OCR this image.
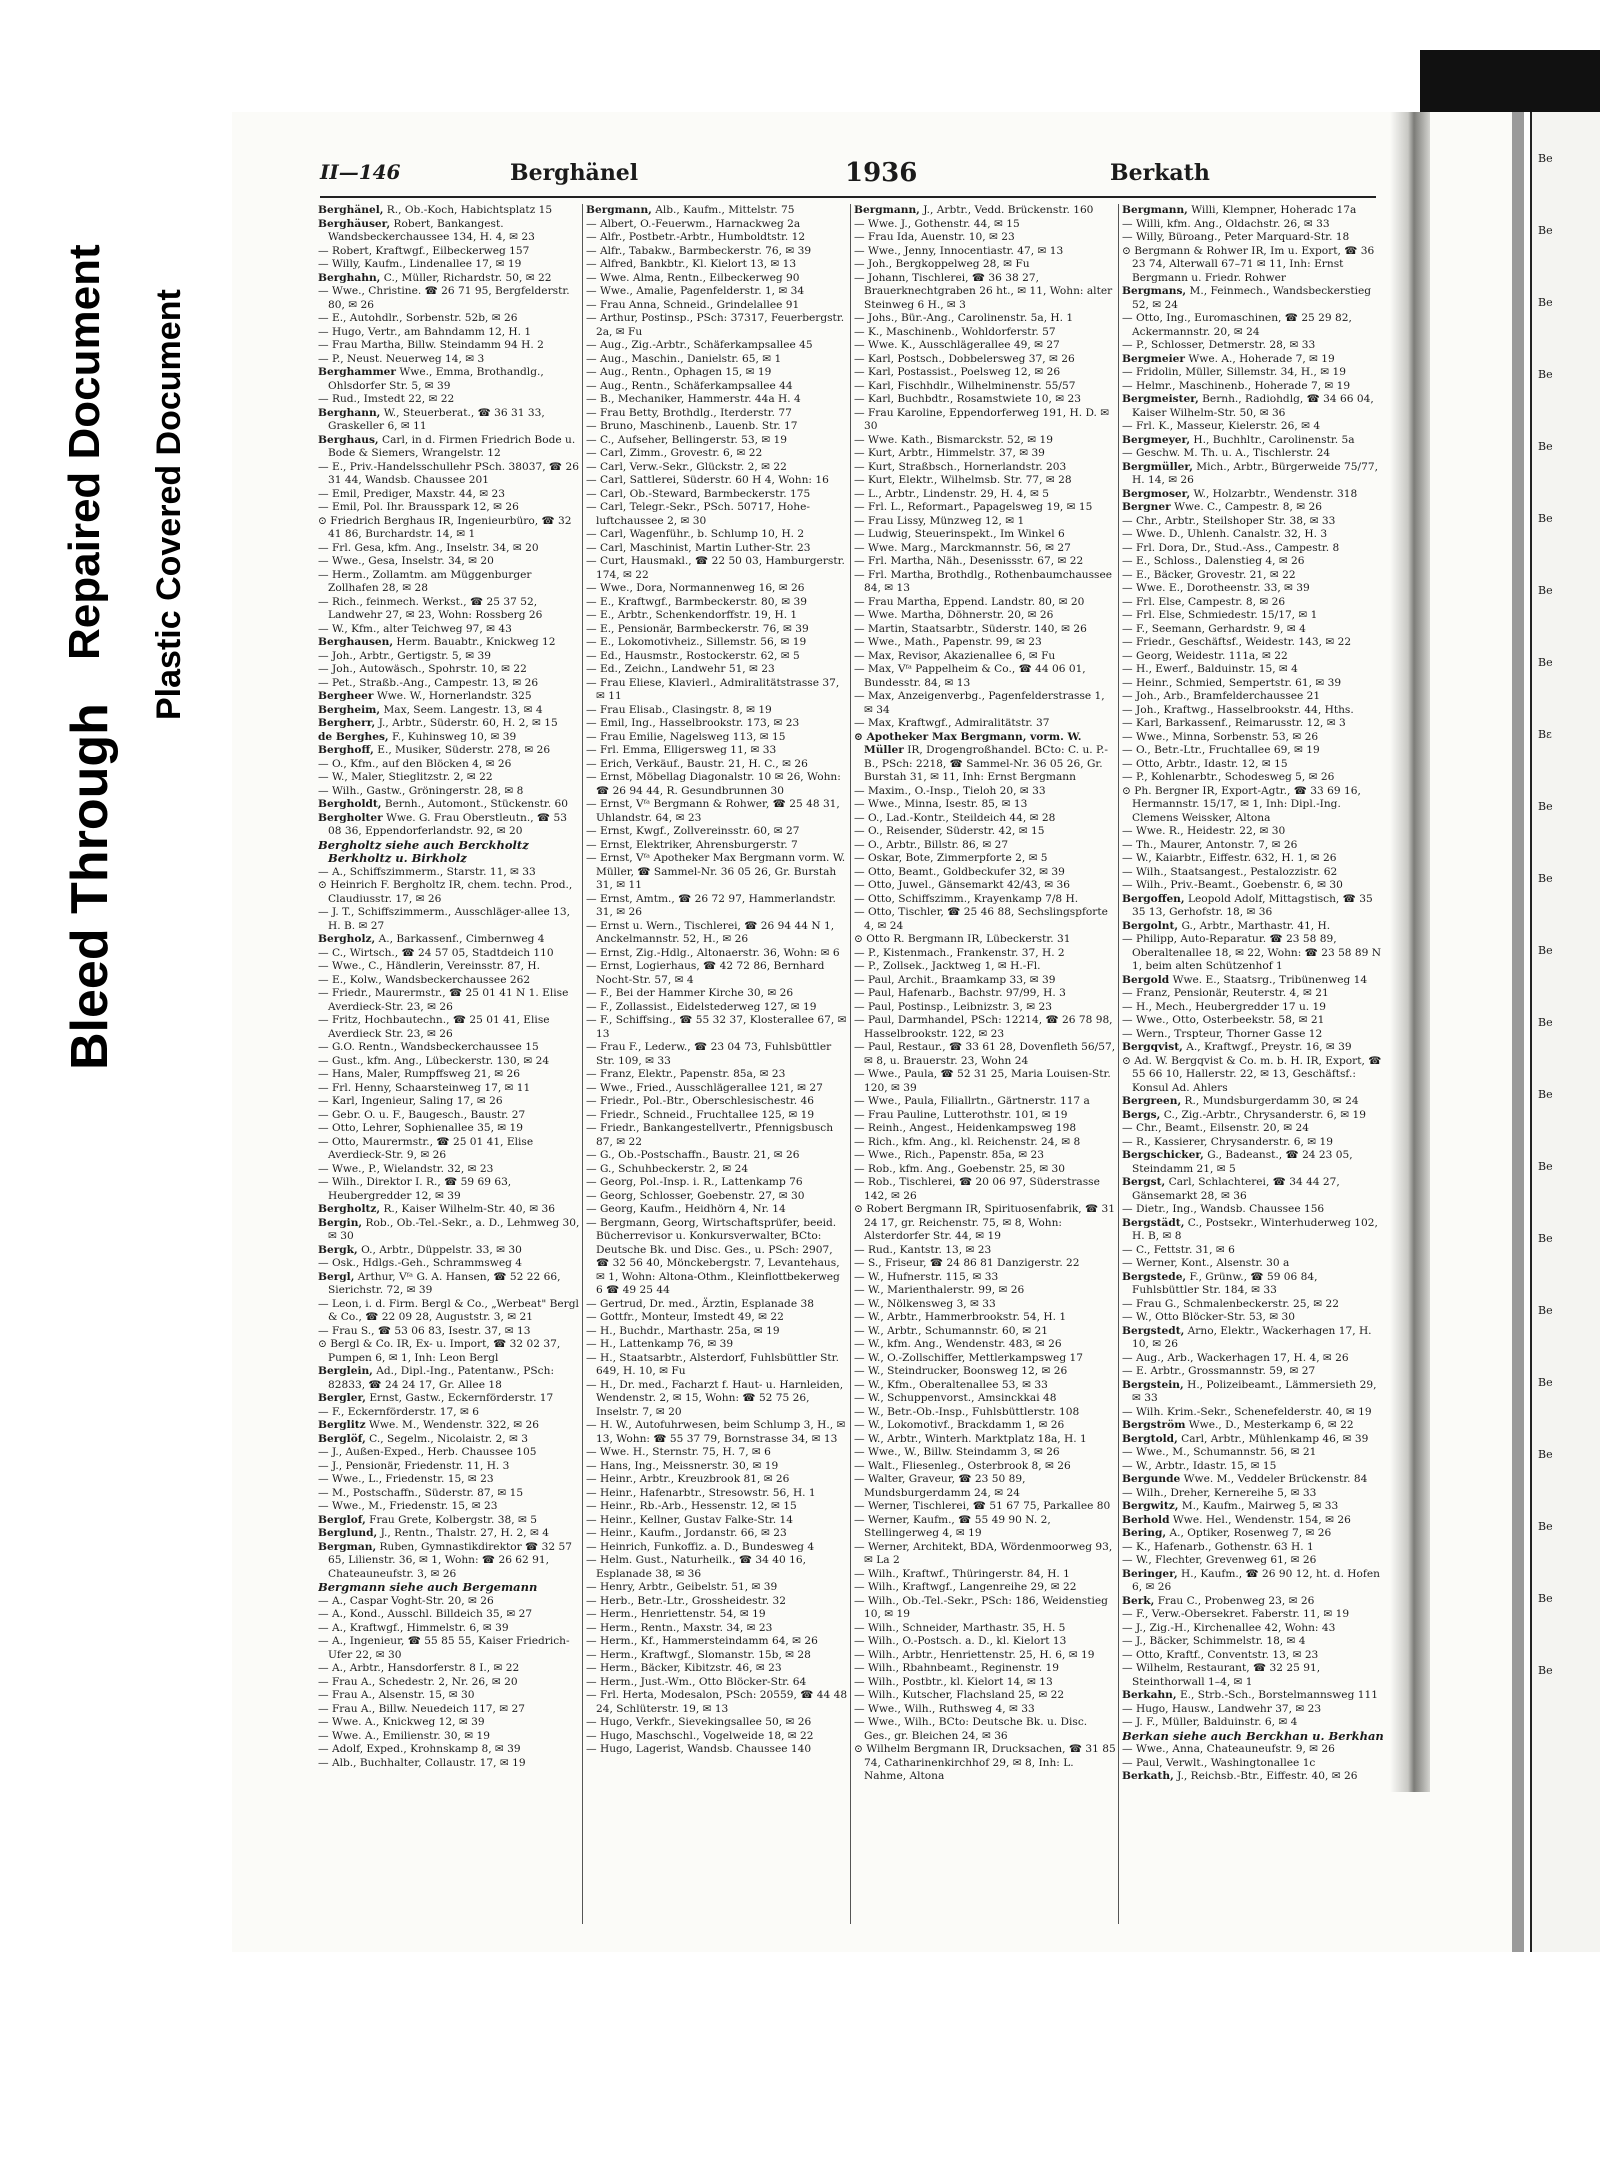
Bleed Through
Repaired Document Plastic Covered Document
Be
Be
Be
Be
Be
Be
Be
Be
Bε
Be
Be
Be
Be
Be
Be
Be
Be
Be
Be
Be
Be
Be
II—146	Berghänel	1936	Berkath

Berghänel, R., Ob.-Koch, Habichtsplatz 15

Berghäuser, Robert, Bankangest. Wandsbeckerchaussee 134, H. 4, ✉ 23

— Robert, Kraftwgf., Eilbeckerweg 157

— Willy, Kaufm., Lindenallee 17, ✉ 19

Berghahn, C., Müller, Richardstr. 50, ✉ 22

— Wwe., Christine. ☎ 26 71 95, Bergfelderstr. 80, ✉ 26

— E., Autohdlr., Sorbenstr. 52b, ✉ 26

— Hugo, Vertr., am Bahndamm 12, H. 1

— Frau Martha, Billw. Steindamm 94 H. 2

— P., Neust. Neuerweg 14, ✉ 3

Berghammer Wwe., Emma, Brothandlg., Ohlsdorfer Str. 5, ✉ 39

— Rud., Imstedt 22, ✉ 22

Berghann, W., Steuerberat., ☎ 36 31 33, Graskeller 6, ✉ 11

Berghaus, Carl, in d. Firmen Friedrich Bode u. Bode & Siemers, Wrangelstr. 12

— E., Priv.-Handelsschullehr PSch. 38037, ☎ 26 31 44, Wandsb. Chaussee 201

— Emil, Prediger, Maxstr. 44, ✉ 23

— Emil, Pol. Ihr. Brausspark 12, ✉ 26

⊙ Friedrich Berghaus IR, Ingenieurbüro, ☎ 32 41 86, Burchardstr. 14, ✉ 1

— Frl. Gesa, kfm. Ang., Inselstr. 34, ✉ 20

— Wwe., Gesa, Inselstr. 34, ✉ 20

— Herm., Zollamtm. am Müggenburger Zollhafen 28, ✉ 28

— Rich., feinmech. Werkst., ☎ 25 37 52, Landwehr 27, ✉ 23, Wohn: Rossberg 26

— W., Kfm., alter Teichweg 97, ✉ 43

Berghausen, Herm. Bauabtr., Knickweg 12

— Joh., Arbtr., Gertigstr. 5, ✉ 39

— Joh., Autowäsch., Spohrstr. 10, ✉ 22

— Pet., Straßb.-Ang., Campestr. 13, ✉ 26

Bergheer Wwe. W., Hornerlandstr. 325

Bergheim, Max, Seem. Langestr. 13, ✉ 4

Bergherr, J., Arbtr., Süderstr. 60, H. 2, ✉ 15

de Berghes, F., Kuhinsweg 10, ✉ 39

Berghoff, E., Musiker, Süderstr. 278, ✉ 26

— O., Kfm., auf den Blöcken 4, ✉ 26

— W., Maler, Stieglitzstr. 2, ✉ 22

— Wilh., Gastw., Gröningerstr. 28, ✉ 8

Bergholdt, Bernh., Automont., Stückenstr. 60

Bergholter Wwe. G. Frau Oberstleutn., ☎ 53 08 36, Eppendorferlandstr. 92, ✉ 20

Bergholtz siehe auch Berckholtz Berkholtz u. Birkholz

— A., Schiffszimmerm., Starstr. 11, ✉ 33

⊙ Heinrich F. Bergholtz IR, chem. techn. Prod., Claudiusstr. 17, ✉ 26

— J. T., Schiffszimmerm., Ausschläger-allee 13, H. B. ✉ 27

Bergholz, A., Barkassenf., Cimbernweg 4

— C., Wirtsch., ☎ 24 57 05, Stadtdeich 110

— Wwe., C., Händlerin, Vereinsstr. 87, H.

— E., Kolw., Wandsbeckerchaussee 262

— Friedr., Maurermstr., ☎ 25 01 41 N 1. Elise Averdieck-Str. 23, ✉ 26

— Fritz, Hochbautechn., ☎ 25 01 41, Elise Averdieck Str. 23, ✉ 26

— G.O. Rentn., Wandsbeckerchaussee 15

— Gust., kfm. Ang., Lübeckerstr. 130, ✉ 24

— Hans, Maler, Rumpffsweg 21, ✉ 26

— Frl. Henny, Schaarsteinweg 17, ✉ 11

— Karl, Ingenieur, Saling 17, ✉ 26

— Gebr. O. u. F., Baugesch., Baustr. 27

— Otto, Lehrer, Sophienallee 35, ✉ 19

— Otto, Maurermstr., ☎ 25 01 41, Elise Averdieck-Str. 9, ✉ 26

— Wwe., P., Wielandstr. 32, ✉ 23

— Wilh., Direktor I. R., ☎ 59 69 63, Heubergredder 12, ✉ 39

Bergholtz, R., Kaiser Wilhelm-Str. 40, ✉ 36

Bergin, Rob., Ob.-Tel.-Sekr., a. D., Lehmweg 30, ✉ 30

Bergk, O., Arbtr., Düppelstr. 33, ✉ 30

— Osk., Hdlgs.-Geh., Schrammsweg 4

Bergl, Arthur, Vᶠᵃ G. A. Hansen, ☎ 52 22 66, Sierichstr. 72, ✉ 39

— Leon, i. d. Firm. Bergl & Co., „Werbeat" Bergl & Co., ☎ 22 09 28, Auguststr. 3, ✉ 21

— Frau S., ☎ 53 06 83, Isestr. 37, ✉ 13

⊙ Bergl & Co. IR, Ex- u. Import, ☎ 32 02 37, Pumpen 6, ✉ 1, Inh: Leon Bergl

Berglein, Ad., Dipl.-Ing., Patentanw., PSch: 82833, ☎ 24 24 17, Gr. Allee 18

Bergler, Ernst, Gastw., Eckernförderstr. 17

— F., Eckernförderstr. 17, ✉ 6

Berglitz Wwe. M., Wendenstr. 322, ✉ 26

Berglöf, C., Segelm., Nicolaistr. 2, ✉ 3

— J., Außen-Exped., Herb. Chaussee 105

— J., Pensionär, Friedenstr. 11, H. 3

— Wwe., L., Friedenstr. 15, ✉ 23

— M., Postschaffn., Süderstr. 87, ✉ 15

— Wwe., M., Friedenstr. 15, ✉ 23

Berglof, Frau Grete, Kolbergstr. 38, ✉ 5

Berglund, J., Rentn., Thalstr. 27, H. 2, ✉ 4

Bergman, Ruben, Gymnastikdirektor ☎ 32 57 65, Lilienstr. 36, ✉ 1, Wohn: ☎ 26 62 91, Chateauneufstr. 3, ✉ 26

Bergmann siehe auch Bergemann

— A., Caspar Voght-Str. 20, ✉ 26

— A., Kond., Ausschl. Billdeich 35, ✉ 27

— A., Kraftwgf., Himmelstr. 6, ✉ 39

— A., Ingenieur, ☎ 55 85 55, Kaiser Friedrich-Ufer 22, ✉ 30

— A., Arbtr., Hansdorferstr. 8 I., ✉ 22

— Frau A., Schedestr. 2, Nr. 26, ✉ 20

— Frau A., Alsenstr. 15, ✉ 30

— Frau A., Billw. Neuedeich 117, ✉ 27

— Wwe. A., Knickweg 12, ✉ 39

— Wwe. A., Emilienstr. 30, ✉ 19

— Adolf, Exped., Krohnskamp 8, ✉ 39

— Alb., Buchhalter, Collaustr. 17, ✉ 19

Bergmann, Alb., Kaufm., Mittelstr. 75

— Albert, O.-Feuerwm., Harnackweg 2a

— Alfr., Postbetr.-Arbtr., Humboldtstr. 12

— Alfr., Tabakw., Barmbeckerstr. 76, ✉ 39

— Alfred, Bankbtr., Kl. Kielort 13, ✉ 13

— Wwe. Alma, Rentn., Eilbeckerweg 90

— Wwe., Amalie, Pagenfelderstr. 1, ✉ 34

— Frau Anna, Schneid., Grindelallee 91

— Arthur, Postinsp., PSch: 37317, Feuerbergstr. 2a, ✉ Fu

— Aug., Zig.-Arbtr., Schäferkampsallee 45

— Aug., Maschin., Danielstr. 65, ✉ 1

— Aug., Rentn., Ophagen 15, ✉ 19

— Aug., Rentn., Schäferkampsallee 44

— B., Mechaniker, Hammerstr. 44a H. 4

— Frau Betty, Brothdlg., Iterderstr. 77

— Bruno, Maschinenb., Lauenb. Str. 17

— C., Aufseher, Bellingerstr. 53, ✉ 19

— Carl, Zimm., Grovestr. 6, ✉ 22

— Carl, Verw.-Sekr., Glückstr. 2, ✉ 22

— Carl, Sattlerei, Süderstr. 60 H 4, Wohn: 16

— Carl, Ob.-Steward, Barmbeckerstr. 175

— Carl, Telegr.-Sekr., PSch. 50717, Hohe-luftchaussee 2, ✉ 30

— Carl, Wagenführ., b. Schlump 10, H. 2

— Carl, Maschinist, Martin Luther-Str. 23

— Curt, Hausmakl., ☎ 22 50 03, Hamburgerstr. 174, ✉ 22

— Wwe., Dora, Normannenweg 16, ✉ 26

— E., Kraftwgf., Barmbeckerstr. 80, ✉ 39

— E., Arbtr., Schenkendorffstr. 19, H. 1

— E., Pensionär, Barmbeckerstr. 76, ✉ 39

— E., Lokomotivheiz., Sillemstr. 56, ✉ 19

— Ed., Hausmstr., Rostockerstr. 62, ✉ 5

— Ed., Zeichn., Landwehr 51, ✉ 23

— Frau Eliese, Klavierl., Admiralitätstrasse 37, ✉ 11

— Frau Elisab., Clasingstr. 8, ✉ 19

— Emil, Ing., Hasselbrookstr. 173, ✉ 23

— Frau Emilie, Nagelsweg 113, ✉ 15

— Frl. Emma, Elligersweg 11, ✉ 33

— Erich, Verkäuf., Baustr. 21, H. C., ✉ 26

— Ernst, Möbellag Diagonalstr. 10 ✉ 26, Wohn: ☎ 26 94 44, R. Gesundbrunnen 30

— Ernst, Vᶠᵃ Bergmann & Rohwer, ☎ 25 48 31, Uhlandstr. 64, ✉ 23

— Ernst, Kwgf., Zollvereinsstr. 60, ✉ 27

— Ernst, Elektriker, Ahrensburgerstr. 7

— Ernst, Vᶠᵃ Apotheker Max Bergmann vorm. W. Müller, ☎ Sammel-Nr. 36 05 26, Gr. Burstah 31, ✉ 11

— Ernst, Amtm., ☎ 26 72 97, Hammerlandstr. 31, ✉ 26

— Ernst u. Wern., Tischlerei, ☎ 26 94 44 N 1, Anckelmannstr. 52, H., ✉ 26

— Ernst, Zig.-Hdlg., Altonaerstr. 36, Wohn: ✉ 6

— Ernst, Logierhaus, ☎ 42 72 86, Bernhard Nocht-Str. 57, ✉ 4

— F., Bei der Hammer Kirche 30, ✉ 26

— F., Zollassist., Eidelstederweg 127, ✉ 19

— F., Schiffsing., ☎ 55 32 37, Klosterallee 67, ✉ 13

— Frau F., Lederw., ☎ 23 04 73, Fuhlsbüttler Str. 109, ✉ 33

— Franz, Elektr., Papenstr. 85a, ✉ 23

— Wwe., Fried., Ausschlägerallee 121, ✉ 27

— Friedr., Pol.-Btr., Oberschlesischestr. 46

— Friedr., Schneid., Fruchtallee 125, ✉ 19

— Friedr., Bankangestellvertr., Pfennigsbusch 87, ✉ 22

— G., Ob.-Postschaffn., Baustr. 21, ✉ 26

— G., Schuhbeckerstr. 2, ✉ 24

— Georg, Pol.-Insp. i. R., Lattenkamp 76

— Georg, Schlosser, Goebenstr. 27, ✉ 30

— Georg, Kaufm., Heidhörn 4, Nr. 14

— Bergmann, Georg, Wirtschaftsprüfer, beeid. Bücherrevisor u. Konkursverwalter, BCto: Deutsche Bk. und Disc. Ges., u. PSch: 2907, ☎ 32 56 40, Mönckebergstr. 7, Levantehaus, ✉ 1, Wohn: Altona-Othm., Kleinflottbekerweg 6 ☎ 49 25 44

— Gertrud, Dr. med., Ärztin, Esplanade 38

— Gottfr., Monteur, Imstedt 49, ✉ 22

— H., Buchdr., Marthastr. 25a, ✉ 19

— H., Lattenkamp 76, ✉ 39

— H., Staatsarbtr., Alsterdorf, Fuhlsbüttler Str. 649, H. 10, ✉ Fu

— H., Dr. med., Facharzt f. Haut- u. Harnleiden, Wendenstr. 2, ✉ 15, Wohn: ☎ 52 75 26, Inselstr. 7, ✉ 20

— H. W., Autofuhrwesen, beim Schlump 3, H., ✉ 13, Wohn: ☎ 55 37 79, Bornstrasse 34, ✉ 13

— Wwe. H., Sternstr. 75, H. 7, ✉ 6

— Hans, Ing., Meissnerstr. 30, ✉ 19

— Heinr., Arbtr., Kreuzbrook 81, ✉ 26

— Heinr., Hafenarbtr., Stresowstr. 56, H. 1

— Heinr., Rb.-Arb., Hessenstr. 12, ✉ 15

— Heinr., Kellner, Gustav Falke-Str. 14

— Heinr., Kaufm., Jordanstr. 66, ✉ 23

— Heinrich, Funkoffiz. a. D., Bundesweg 4

— Helm. Gust., Naturheilk., ☎ 34 40 16, Esplanade 38, ✉ 36

— Henry, Arbtr., Geibelstr. 51, ✉ 39

— Herb., Betr.-Ltr., Grossheidestr. 32

— Herm., Henriettenstr. 54, ✉ 19

— Herm., Rentn., Maxstr. 34, ✉ 23

— Herm., Kf., Hammersteindamm 64, ✉ 26

— Herm., Kraftwgf., Slomanstr. 15b, ✉ 28

— Herm., Bäcker, Kibitzstr. 46, ✉ 23

— Herm., Just.-Wm., Otto Blöcker-Str. 64

— Frl. Herta, Modesalon, PSch: 20559, ☎ 44 48 24, Schlüterstr. 19, ✉ 13

— Hugo, Verkfr., Sievekingsallee 50, ✉ 26

— Hugo, Maschschl., Vogelweide 18, ✉ 22

— Hugo, Lagerist, Wandsb. Chaussee 140

Bergmann, J., Arbtr., Vedd. Brückenstr. 160

— Wwe. J., Gothenstr. 44, ✉ 15

— Frau Ida, Auenstr. 10, ✉ 23

— Wwe., Jenny, Innocentiastr. 47, ✉ 13

— Joh., Bergkoppelweg 28, ✉ Fu

— Johann, Tischlerei, ☎ 36 38 27, Brauerknechtgraben 26 ht., ✉ 11, Wohn: alter Steinweg 6 H., ✉ 3

— Johs., Bür.-Ang., Carolinenstr. 5a, H. 1

— K., Maschinenb., Wohldorferstr. 57

— Wwe. K., Ausschlägerallee 49, ✉ 27

— Karl, Postsch., Dobbelersweg 37, ✉ 26

— Karl, Postassist., Poelsweg 12, ✉ 26

— Karl, Fischhdlr., Wilhelminenstr. 55/57

— Karl, Buchbdtr., Rosamstwiete 10, ✉ 23

— Frau Karoline, Eppendorferweg 191, H. D. ✉ 30

— Wwe. Kath., Bismarckstr. 52, ✉ 19

— Kurt, Arbtr., Himmelstr. 37, ✉ 39

— Kurt, Straßbsch., Hornerlandstr. 203

— Kurt, Elektr., Wilhelmsb. Str. 77, ✉ 28

— L., Arbtr., Lindenstr. 29, H. 4, ✉ 5

— Frl. L., Reformart., Papagelsweg 19, ✉ 15

— Frau Lissy, Münzweg 12, ✉ 1

— Ludwig, Steuerinspekt., Im Winkel 6

— Wwe. Marg., Marckmannstr. 56, ✉ 27

— Frl. Martha, Näh., Desenissstr. 67, ✉ 22

— Frl. Martha, Brothdlg., Rothenbaumchaussee 84, ✉ 13

— Frau Martha, Eppend. Landstr. 80, ✉ 20

— Wwe. Martha, Döhnerstr. 20, ✉ 26

— Martin, Staatsarbtr., Süderstr. 140, ✉ 26

— Wwe., Math., Papenstr. 99, ✉ 23

— Max, Revisor, Akazienallee 6, ✉ Fu

— Max, Vᶠᵃ Pappelheim & Co., ☎ 44 06 01, Bundesstr. 84, ✉ 13

— Max, Anzeigenverbg., Pagenfelderstrasse 1, ✉ 34

— Max, Kraftwgf., Admiralitätstr. 37

⊙ Apotheker Max Bergmann, vorm. W. Müller IR, Drogengroßhandel. BCto: C. u. P.-B., PSch: 2218, ☎ Sammel-Nr. 36 05 26, Gr. Burstah 31, ✉ 11, Inh: Ernst Bergmann

— Maxim., O.-Insp., Tieloh 20, ✉ 33

— Wwe., Minna, Isestr. 85, ✉ 13

— O., Lad.-Kontr., Steildeich 44, ✉ 28

— O., Reisender, Süderstr. 42, ✉ 15

— O., Arbtr., Billstr. 86, ✉ 27

— Oskar, Bote, Zimmerpforte 2, ✉ 5

— Otto, Beamt., Goldbeckufer 32, ✉ 39

— Otto, Juwel., Gänsemarkt 42/43, ✉ 36

— Otto, Schiffszimm., Krayenkamp 7/8 H.

— Otto, Tischler, ☎ 25 46 88, Sechslingspforte 4, ✉ 24

⊙ Otto R. Bergmann IR, Lübeckerstr. 31

— P., Kistenmach., Frankenstr. 37, H. 2

— P., Zollsek., Jacktweg 1, ✉ H.-Fl.

— Paul, Archit., Braamkamp 33, ✉ 39

— Paul, Hafenarb., Bachstr. 97/99, H. 3

— Paul, Postinsp., Leibnizstr. 3, ✉ 23

— Paul, Darmhandel, PSch: 12214, ☎ 26 78 98, Hasselbrookstr. 122, ✉ 23

— Paul, Restaur., ☎ 33 61 28, Dovenfleth 56/57, ✉ 8, u. Brauerstr. 23, Wohn 24

— Wwe., Paula, ☎ 52 31 25, Maria Louisen-Str. 120, ✉ 39

— Wwe., Paula, Filiallrtn., Gärtnerstr. 117 a

— Frau Pauline, Lutterothstr. 101, ✉ 19

— Reinh., Angest., Heidenkampsweg 198

— Rich., kfm. Ang., kl. Reichenstr. 24, ✉ 8

— Wwe., Rich., Papenstr. 85a, ✉ 23

— Rob., kfm. Ang., Goebenstr. 25, ✉ 30

— Rob., Tischlerei, ☎ 20 06 97, Süderstrasse 142, ✉ 26

⊙ Robert Bergmann IR, Spirituosenfabrik, ☎ 31 24 17, gr. Reichenstr. 75, ✉ 8, Wohn: Alsterdorfer Str. 44, ✉ 19

— Rud., Kantstr. 13, ✉ 23

— S., Friseur, ☎ 24 86 81 Danzigerstr. 22

— W., Hufnerstr. 115, ✉ 33

— W., Marienthalerstr. 99, ✉ 26

— W., Nölkensweg 3, ✉ 33

— W., Arbtr., Hammerbrookstr. 54, H. 1

— W., Arbtr., Schumannstr. 60, ✉ 21

— W., kfm. Ang., Wendenstr. 483, ✉ 26

— W., O.-Zollschiffer, Mettlerkampsweg 17

— W., Steindrucker, Boonsweg 12, ✉ 26

— W., Kfm., Oberaltenallee 53, ✉ 33

— W., Schuppenvorst., Amsinckkai 48

— W., Betr.-Ob.-Insp., Fuhlsbüttlerstr. 108

— W., Lokomotivf., Brackdamm 1, ✉ 26

— W., Arbtr., Winterh. Marktplatz 18a, H. 1

— Wwe., W., Billw. Steindamm 3, ✉ 26

— Walt., Fliesenleg., Osterbrook 8, ✉ 26

— Walter, Graveur, ☎ 23 50 89, Mundsburgerdamm 24, ✉ 24

— Werner, Tischlerei, ☎ 51 67 75, Parkallee 80

— Werner, Kaufm., ☎ 55 49 90 N. 2, Stellingerweg 4, ✉ 19

— Werner, Architekt, BDA, Wördenmoorweg 93, ✉ La 2

— Wilh., Kraftwf., Thüringerstr. 84, H. 1

— Wilh., Kraftwgf., Langenreihe 29, ✉ 22

— Wilh., Ob.-Tel.-Sekr., PSch: 186, Weidenstieg 10, ✉ 19

— Wilh., Schneider, Marthastr. 35, H. 5

— Wilh., O.-Postsch. a. D., kl. Kielort 13

— Wilh., Arbtr., Henriettenstr. 25, H. 6, ✉ 19

— Wilh., Rbahnbeamt., Reginenstr. 19

— Wilh., Postbtr., kl. Kielort 14, ✉ 13

— Wilh., Kutscher, Flachsland 25, ✉ 22

— Wwe., Wilh., Ruthsweg 4, ✉ 33

— Wwe., Wilh., BCto: Deutsche Bk. u. Disc. Ges., gr. Bleichen 24, ✉ 36

⊙ Wilhelm Bergmann IR, Drucksachen, ☎ 31 85 74, Catharinenkirchhof 29, ✉ 8, Inh: L. Nahme, Altona

Bergmann, Willi, Klempner, Hoheradc 17a

— Willi, kfm. Ang., Oldachstr. 26, ✉ 33

— Willy, Büroang., Peter Marquard-Str. 18

⊙ Bergmann & Rohwer IR, Im u. Export, ☎ 36 23 74, Alterwall 67–71 ✉ 11, Inh: Ernst Bergmann u. Friedr. Rohwer

Bergmans, M., Feinmech., Wandsbeckerstieg 52, ✉ 24

— Otto, Ing., Euromaschinen, ☎ 25 29 82, Ackermannstr. 20, ✉ 24

— P., Schlosser, Detmerstr. 28, ✉ 33

Bergmeier Wwe. A., Hoherade 7, ✉ 19

— Fridolin, Müller, Sillemstr. 34, H., ✉ 19

— Helmr., Maschinenb., Hoherade 7, ✉ 19

Bergmeister, Bernh., Radiohdlg, ☎ 34 66 04, Kaiser Wilhelm-Str. 50, ✉ 36

— Frl. K., Masseur, Kielerstr. 26, ✉ 4

Bergmeyer, H., Buchhltr., Carolinenstr. 5a

— Geschw. M. Th. u. A., Tischlerstr. 24

Bergmüller, Mich., Arbtr., Bürgerweide 75/77, H. 14, ✉ 26

Bergmoser, W., Holzarbtr., Wendenstr. 318

Bergner Wwe. C., Campestr. 8, ✉ 26

— Chr., Arbtr., Steilshoper Str. 38, ✉ 33

— Wwe. D., Uhlenh. Canalstr. 32, H. 3

— Frl. Dora, Dr., Stud.-Ass., Campestr. 8

— E., Schloss., Dalenstieg 4, ✉ 26

— E., Bäcker, Grovestr. 21, ✉ 22

— Wwe. E., Dorotheenstr. 33, ✉ 39

— Frl. Else, Campestr. 8, ✉ 26

— Frl. Else, Schmiedestr. 15/17, ✉ 1

— F., Seemann, Gerhardstr. 9, ✉ 4

— Friedr., Geschäftsf., Weidestr. 143, ✉ 22

— Georg, Weidestr. 111a, ✉ 22

— H., Ewerf., Balduinstr. 15, ✉ 4

— Heinr., Schmied, Sempertstr. 61, ✉ 39

— Joh., Arb., Bramfelderchaussee 21

— Joh., Kraftwg., Hasselbrookstr. 44, Hths.

— Karl, Barkassenf., Reimarusstr. 12, ✉ 3

— Wwe., Minna, Sorbenstr. 53, ✉ 26

— O., Betr.-Ltr., Fruchtallee 69, ✉ 19

— Otto, Arbtr., Idastr. 12, ✉ 15

— P., Kohlenarbtr., Schodesweg 5, ✉ 26

⊙ Ph. Bergner IR, Export-Agtr., ☎ 33 69 16, Hermannstr. 15/17, ✉ 1, Inh: Dipl.-Ing. Clemens Weissker, Altona

— Wwe. R., Heidestr. 22, ✉ 30

— Th., Maurer, Antonstr. 7, ✉ 26

— W., Kaiarbtr., Eiffestr. 632, H. 1, ✉ 26

— Wilh., Staatsangest., Pestalozzistr. 62

— Wilh., Priv.-Beamt., Goebenstr. 6, ✉ 30

Bergoffen, Leopold Adolf, Mittagstisch, ☎ 35 35 13, Gerhofstr. 18, ✉ 36

Bergolnt, G., Arbtr., Marthastr. 41, H.

— Philipp, Auto-Reparatur. ☎ 23 58 89, Oberaltenallee 18, ✉ 22, Wohn: ☎ 23 58 89 N 1, beim alten Schützenhof 1

Bergold Wwe. E., Staatsrg., Tribünenweg 14

— Franz, Pensionär, Reuterstr. 4, ✉ 21

— H., Mech., Heubergredder 17 u. 19

— Wwe., Otto, Osterbeekstr. 58, ✉ 21

— Wern., Trspteur, Thorner Gasse 12

Bergqvist, A., Kraftwgf., Preystr. 16, ✉ 39

⊙ Ad. W. Bergqvist & Co. m. b. H. IR, Export, ☎ 55 66 10, Hallerstr. 22, ✉ 13, Geschäftsf.: Konsul Ad. Ahlers

Bergreen, R., Mundsburgerdamm 30, ✉ 24

Bergs, C., Zig.-Arbtr., Chrysanderstr. 6, ✉ 19

— Chr., Beamt., Eilsenstr. 20, ✉ 24

— R., Kassierer, Chrysanderstr. 6, ✉ 19

Bergschicker, G., Badeanst., ☎ 24 23 05, Steindamm 21, ✉ 5

Bergst, Carl, Schlachterei, ☎ 34 44 27, Gänsemarkt 28, ✉ 36

— Dietr., Ing., Wandsb. Chaussee 156

Bergstädt, C., Postsekr., Winterhuderweg 102, H. B, ✉ 8

— C., Fettstr. 31, ✉ 6

— Werner, Kont., Alsenstr. 30 a

Bergstede, F., Grünw., ☎ 59 06 84, Fuhlsbüttler Str. 184, ✉ 33

— Frau G., Schmalenbeckerstr. 25, ✉ 22

— W., Otto Blöcker-Str. 53, ✉ 30

Bergstedt, Arno, Elektr., Wackerhagen 17, H. 10, ✉ 26

— Aug., Arb., Wackerhagen 17, H. 4, ✉ 26

— E. Arbtr., Grossmannstr. 59, ✉ 27

Bergstein, H., Polizeibeamt., Lämmersieth 29, ✉ 33

— Wilh. Krim.-Sekr., Schenefelderstr. 40, ✉ 19

Bergström Wwe., D., Mesterkamp 6, ✉ 22

Bergtold, Carl, Arbtr., Mühlenkamp 46, ✉ 39

— Wwe., M., Schumannstr. 56, ✉ 21

— W., Arbtr., Idastr. 15, ✉ 15

Bergunde Wwe. M., Veddeler Brückenstr. 84

— Wilh., Dreher, Kernereihe 5, ✉ 33

Bergwitz, M., Kaufm., Mairweg 5, ✉ 33

Berhold Wwe. Hel., Wendenstr. 154, ✉ 26

Bering, A., Optiker, Rosenweg 7, ✉ 26

— K., Hafenarb., Gothenstr. 63 H. 1

— W., Flechter, Grevenweg 61, ✉ 26

Beringer, H., Kaufm., ☎ 26 90 12, ht. d. Hofen 6, ✉ 26

Berk, Frau C., Probenweg 23, ✉ 26

— F., Verw.-Obersekret. Faberstr. 11, ✉ 19

— J., Zig.-H., Kirchenallee 42, Wohn: 43

— J., Bäcker, Schimmelstr. 18, ✉ 4

— Otto, Kraftf., Conventstr. 13, ✉ 23

— Wilhelm, Restaurant, ☎ 32 25 91, Steinthorwall 1–4, ✉ 1

Berkahn, E., Strb.-Sch., Borstelmannsweg 111

— Hugo, Hausw., Landwehr 37, ✉ 23

— J. F., Müller, Balduinstr. 6, ✉ 4

Berkan siehe auch Berckhan u. Berkhan

— Wwe., Anna, Chateauneufstr. 9, ✉ 26

— Paul, Verwlt., Washingtonallee 1c

Berkath, J., Reichsb.-Btr., Eiffestr. 40, ✉ 26
